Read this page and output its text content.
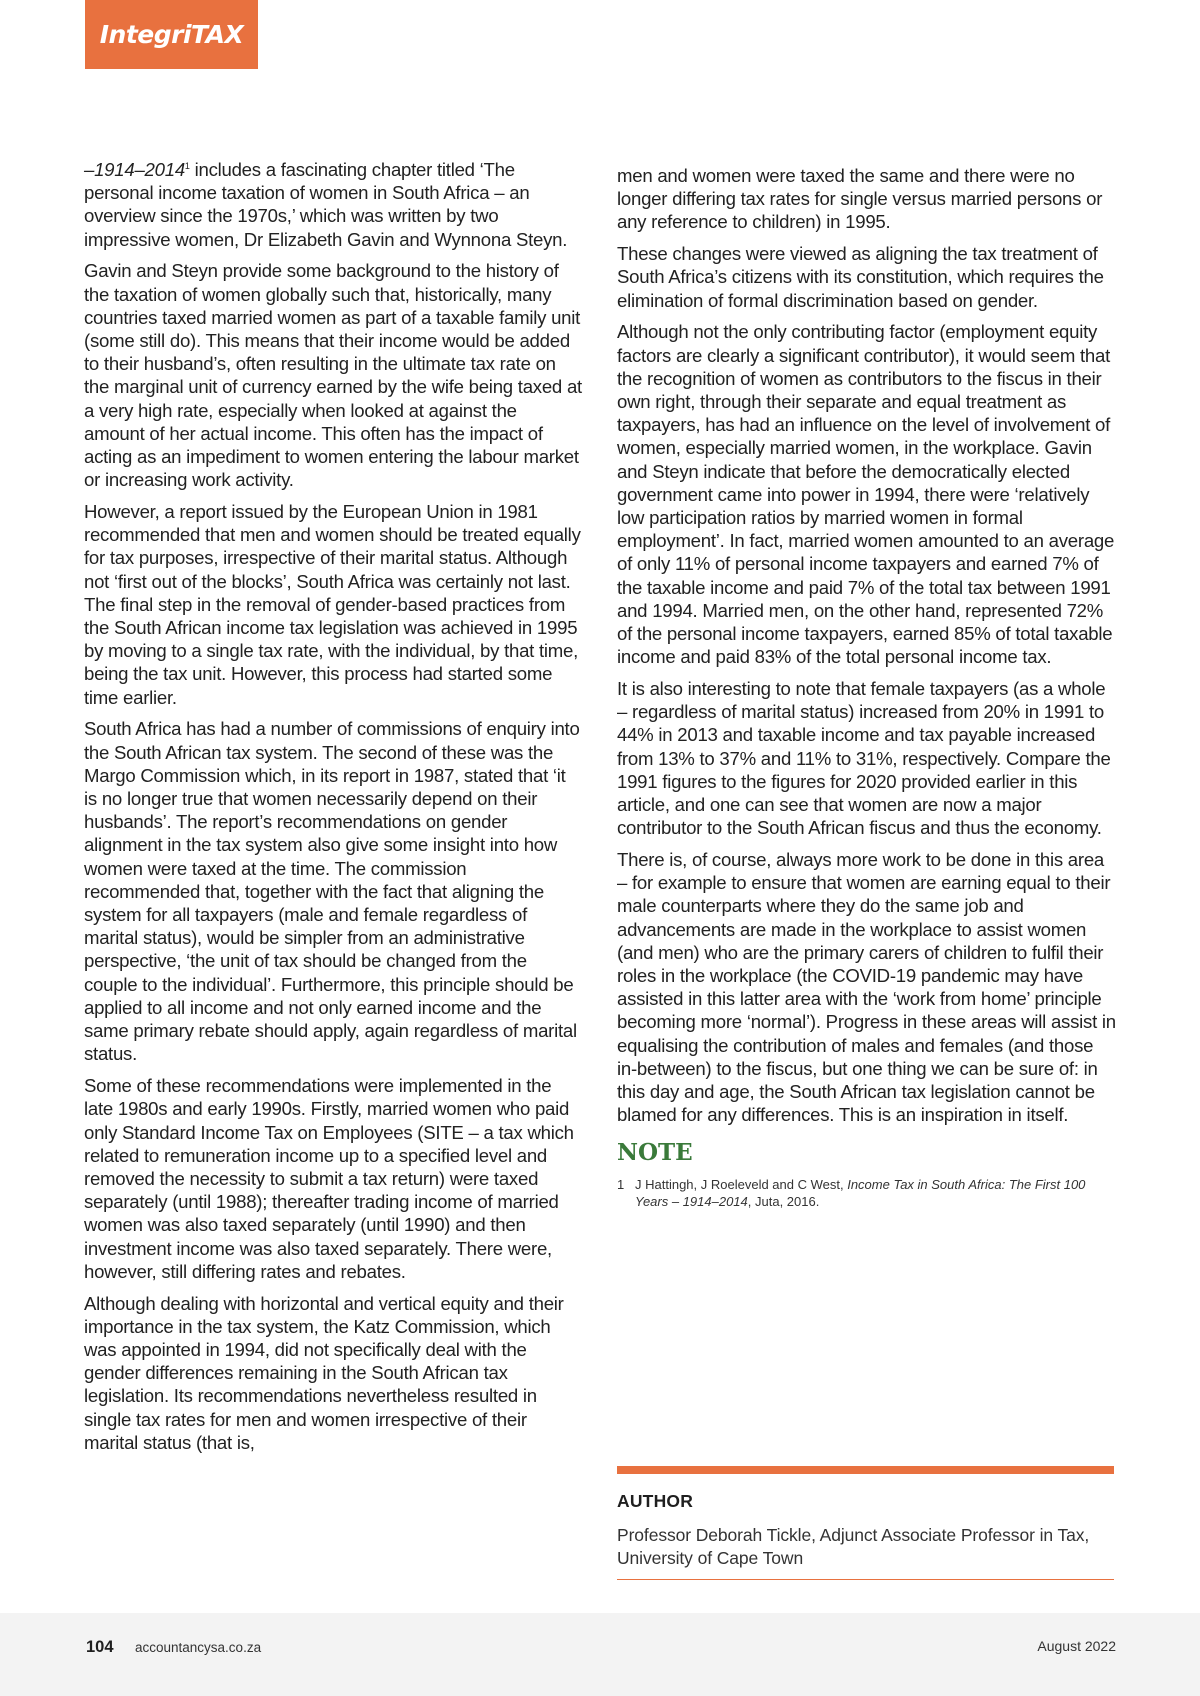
IntegriTAX

–1914–2014$^1$ includes a fascinating chapter titled ‘The personal income taxation of women in South Africa – an overview since the 1970s,’ which was written by two impressive women, Dr Elizabeth Gavin and Wynnona Steyn.

Gavin and Steyn provide some background to the history of the taxation of women globally such that, historically, many countries taxed married women as part of a taxable family unit (some still do). This means that their income would be added to their husband’s, often resulting in the ultimate tax rate on the marginal unit of currency earned by the wife being taxed at a very high rate, especially when looked at against the amount of her actual income. This often has the impact of acting as an impediment to women entering the labour market or increasing work activity.

However, a report issued by the European Union in 1981 recommended that men and women should be treated equally for tax purposes, irrespective of their marital status. Although not ‘first out of the blocks’, South Africa was certainly not last. The final step in the removal of gender-based practices from the South African income tax legislation was achieved in 1995 by moving to a single tax rate, with the individual, by that time, being the tax unit. However, this process had started some time earlier.

South Africa has had a number of commissions of enquiry into the South African tax system. The second of these was the Margo Commission which, in its report in 1987, stated that ‘it is no longer true that women necessarily depend on their husbands’. The report’s recommendations on gender alignment in the tax system also give some insight into how women were taxed at the time. The commission recommended that, together with the fact that aligning the system for all taxpayers (male and female regardless of marital status), would be simpler from an administrative perspective, ‘the unit of tax should be changed from the couple to the individual’. Furthermore, this principle should be applied to all income and not only earned income and the same primary rebate should apply, again regardless of marital status.

Some of these recommendations were implemented in the late 1980s and early 1990s. Firstly, married women who paid only Standard Income Tax on Employees (SITE – a tax which related to remuneration income up to a specified level and removed the necessity to submit a tax return) were taxed separately (until 1988); thereafter trading income of married women was also taxed separately (until 1990) and then investment income was also taxed separately. There were, however, still differing rates and rebates.

Although dealing with horizontal and vertical equity and their importance in the tax system, the Katz Commission, which was appointed in 1994, did not specifically deal with the gender differences remaining in the South African tax legislation. Its recommendations nevertheless resulted in single tax rates for men and women irrespective of their marital status (that is,

men and women were taxed the same and there were no longer differing tax rates for single versus married persons or any reference to children) in 1995.

These changes were viewed as aligning the tax treatment of South Africa’s citizens with its constitution, which requires the elimination of formal discrimination based on gender.

Although not the only contributing factor (employment equity factors are clearly a significant contributor), it would seem that the recognition of women as contributors to the fiscus in their own right, through their separate and equal treatment as taxpayers, has had an influence on the level of involvement of women, especially married women, in the workplace. Gavin and Steyn indicate that before the democratically elected government came into power in 1994, there were ‘relatively low participation ratios by married women in formal employment’. In fact, married women amounted to an average of only 11% of personal income taxpayers and earned 7% of the taxable income and paid 7% of the total tax between 1991 and 1994. Married men, on the other hand, represented 72% of the personal income taxpayers, earned 85% of total taxable income and paid 83% of the total personal income tax.

It is also interesting to note that female taxpayers (as a whole – regardless of marital status) increased from 20% in 1991 to 44% in 2013 and taxable income and tax payable increased from 13% to 37% and 11% to 31%, respectively. Compare the 1991 figures to the figures for 2020 provided earlier in this article, and one can see that women are now a major contributor to the South African fiscus and thus the economy.

There is, of course, always more work to be done in this area – for example to ensure that women are earning equal to their male counterparts where they do the same job and advancements are made in the workplace to assist women (and men) who are the primary carers of children to fulfil their roles in the workplace (the COVID-19 pandemic may have assisted in this latter area with the ‘work from home’ principle becoming more ‘normal’). Progress in these areas will assist in equalising the contribution of males and females (and those in-between) to the fiscus, but one thing we can be sure of: in this day and age, the South African tax legislation cannot be blamed for any differences. This is an inspiration in itself.

NOTE
1 J Hattingh, J Roeleveld and C West, Income Tax in South Africa: The First 100 Years – 1914–2014, Juta, 2016.
AUTHOR
Professor Deborah Tickle, Adjunct Associate Professor in Tax, University of Cape Town
104 accountancysa.co.za	August 2022
